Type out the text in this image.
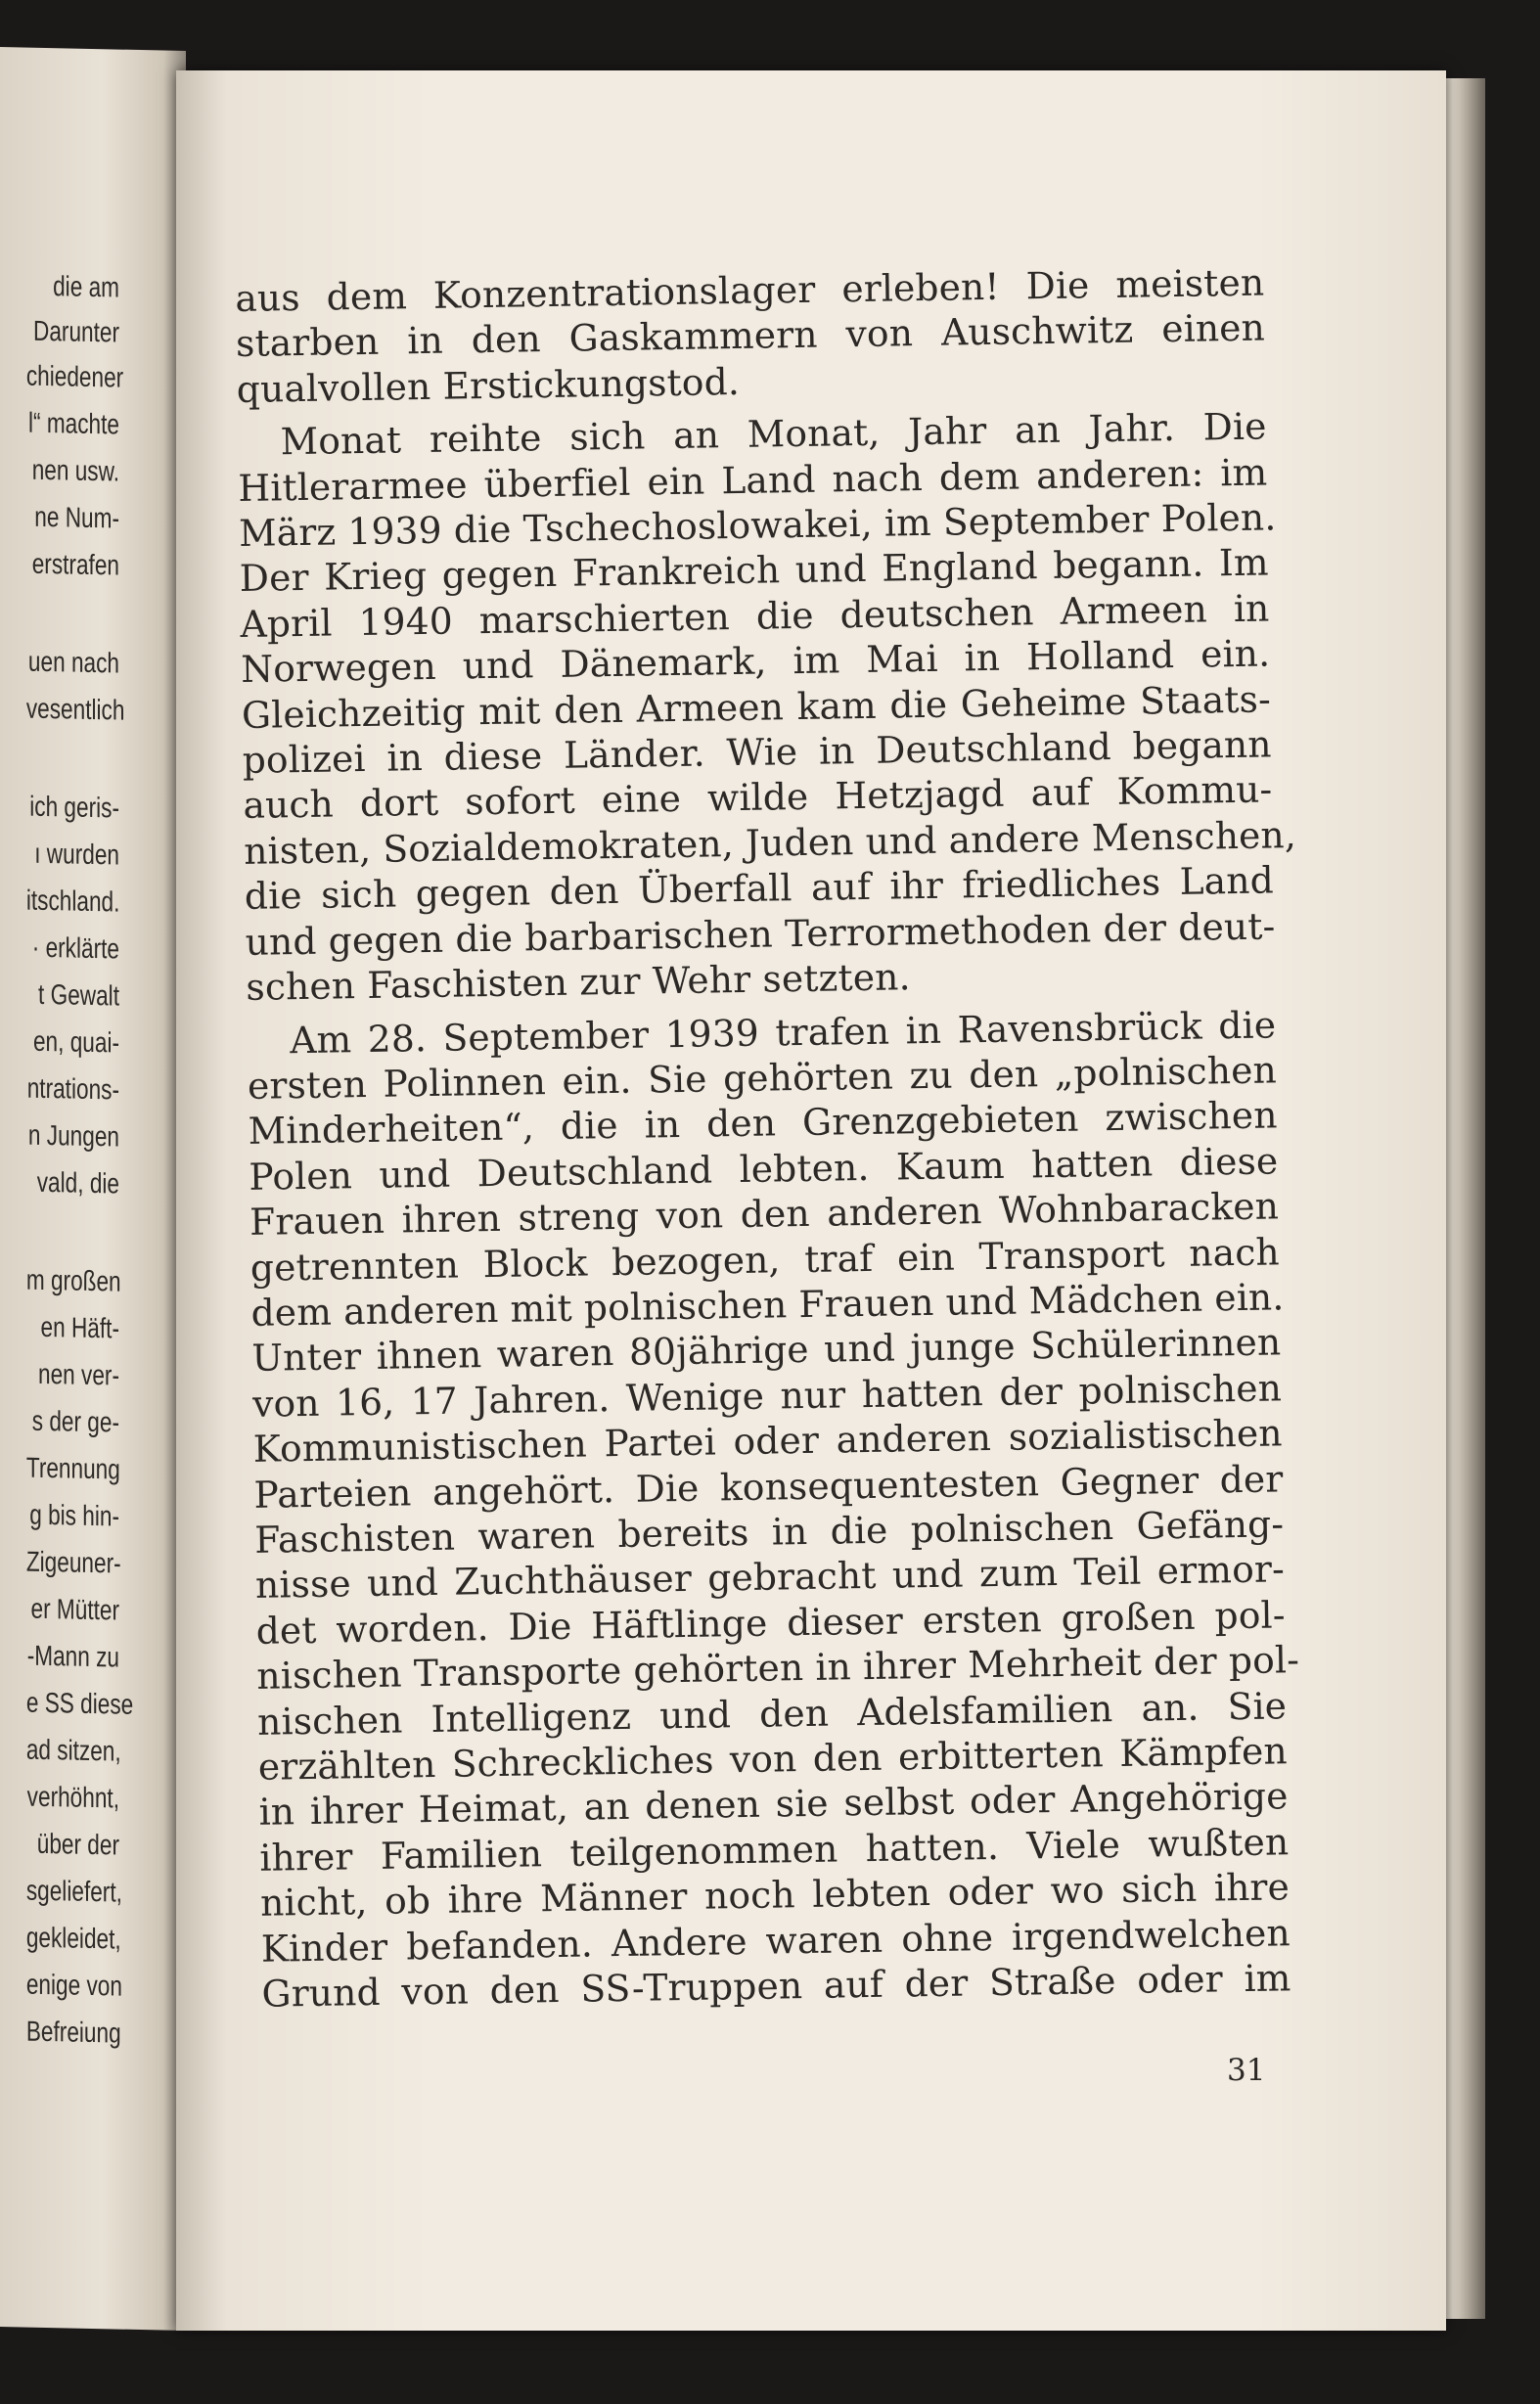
die am
Darunter
chiedener
l“ machte
nen usw.
ne Num-
erstrafen
uen nach
vesentlich
ich geris-
ı wurden
itschland.
· erklärte
t Gewalt
en, quai-
ntrations-
n Jungen
vald, die
m großen
en Häft-
nen ver-
s der ge-
Trennung
g bis hin-
Zigeuner-
er Mütter
-Mann zu
e SS diese
ad sitzen,
verhöhnt,
über der
sgeliefert,
gekleidet,
enige von
Befreiung
aus dem Konzentrationslager erleben! Die meisten
starben in den Gaskammern von Auschwitz einen
qualvollen Erstickungstod.
Monat reihte sich an Monat, Jahr an Jahr. Die
Hitlerarmee überfiel ein Land nach dem anderen: im
März 1939 die Tschechoslowakei, im September Polen.
Der Krieg gegen Frankreich und England begann. Im
April 1940 marschierten die deutschen Armeen in
Norwegen und Dänemark, im Mai in Holland ein.
Gleichzeitig mit den Armeen kam die Geheime Staats-
polizei in diese Länder. Wie in Deutschland begann
auch dort sofort eine wilde Hetzjagd auf Kommu-
nisten, Sozialdemokraten, Juden und andere Menschen,
die sich gegen den Überfall auf ihr friedliches Land
und gegen die barbarischen Terrormethoden der deut-
schen Faschisten zur Wehr setzten.
Am 28. September 1939 trafen in Ravensbrück die
ersten Polinnen ein. Sie gehörten zu den „polnischen
Minderheiten“, die in den Grenzgebieten zwischen
Polen und Deutschland lebten. Kaum hatten diese
Frauen ihren streng von den anderen Wohnbaracken
getrennten Block bezogen, traf ein Transport nach
dem anderen mit polnischen Frauen und Mädchen ein.
Unter ihnen waren 80jährige und junge Schülerinnen
von 16, 17 Jahren. Wenige nur hatten der polnischen
Kommunistischen Partei oder anderen sozialistischen
Parteien angehört. Die konsequentesten Gegner der
Faschisten waren bereits in die polnischen Gefäng-
nisse und Zuchthäuser gebracht und zum Teil ermor-
det worden. Die Häftlinge dieser ersten großen pol-
nischen Transporte gehörten in ihrer Mehrheit der pol-
nischen Intelligenz und den Adelsfamilien an. Sie
erzählten Schreckliches von den erbitterten Kämpfen
in ihrer Heimat, an denen sie selbst oder Angehörige
ihrer Familien teilgenommen hatten. Viele wußten
nicht, ob ihre Männer noch lebten oder wo sich ihre
Kinder befanden. Andere waren ohne irgendwelchen
Grund von den SS-Truppen auf der Straße oder im
31
